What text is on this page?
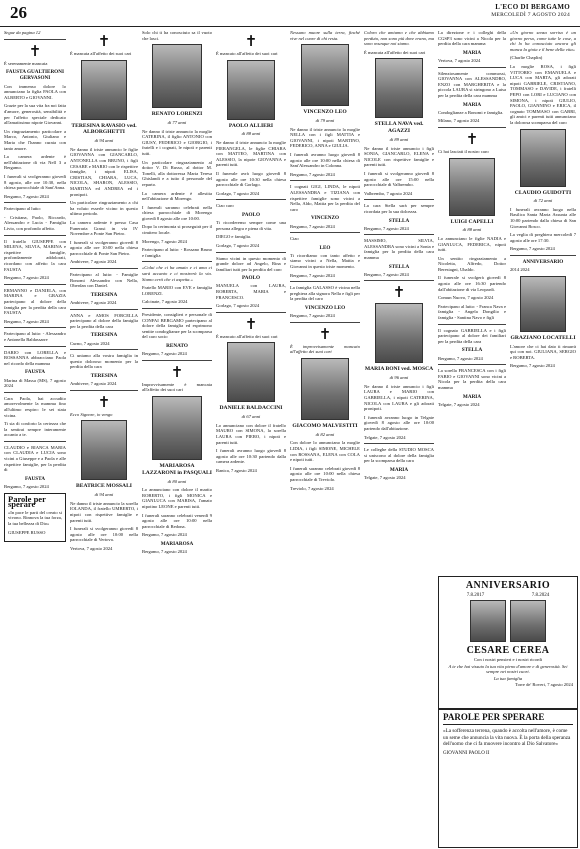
26	L'ECO DI BERGAMO
MERCOLEDÌ 7 AGOSTO 2024

Segue da pagina 12

✝

È serenamente mancata

FAUSTA GUALTIERONI GERVASONI

Con immenso dolore lo annunciano la figlia PAOLA con ALBERTO e GIOVANNI.

Grazie per la sua vita fra noi fatta d'amore, generosità, sensibilità e per l'affetto speciale dedicato all'amatissimo nipote Giovanni.

Un ringraziamento particolare a Marco, Antonio, Giuliano e Maria che l'hanno curata con tanto amore.

La camera ardente è nell'abitazione di via Nell 3 a Bergamo.

I funerali si svolgeranno giovedì 8 agosto, alle ore 10:30, nella chiesa parrocchiale di Sant'Anna.

Bergamo, 7 agosto 2024

Partecipano al lutto:

- Cristiana, Paolo, Riccardo, Alessandro e Lucia - Famiglia Livio, con profondo affetto.

Il fratello GIUSEPPE con MILENA, SILVIA, MARINA e rispettive famiglie, profondamente addolorati, ricordano con affetto la cara FAUSTA

Bergamo, 7 agosto 2024

ERMANNO e DANIELA, con MARINA e GRAZIA partecipano al dolore della famiglia per la perdita della cara FAUSTA

Bergamo, 7 agosto 2024

Partecipano al lutto: - Alessandro e Antonella Baldassarre

DARIO con LORELLA e ROSSANNA abbracciano Paola nel ricordo della mamma

FAUSTA

Marina di Massa (MS), 7 agosto 2024

Cara Paola, hai accudito amorevolmente la mamma fino all'ultimo respiro: le sei stata vicina.

Ti sia di conforto la certezza che la sentirai sempre interamente accanto a te.

CLAUDIO e BIANCA MARIA con CLAUDIA e LUCIA sono vicini a Giuseppe e a Paola e alle rispettive famiglie, per la perdita di

FAUSTA

Bergamo, 7 agosto 2024

Parole per sperare

«In pace le parti del creato si vivono. Rinnova la tua forza, la tua bellezza di Dio»

GIUSEPPE RUSSO

✝

È mancata all'affetto dei suoi cari

TERESINA RAVASIO ved. ALBORGHETTI
di 94 anni

Ne danno il triste annuncio le figlie GIOVANNA con GIANCARLO, ANTONELLA con BRUNO, i figli CESARE e MARIO con le rispettive famiglie, i nipoti ELISA, CRISTIAN, CHIARA, LUCA, NICOLA, SHARON, ALESSIO, MARTINA ed ANDREA ed i pronipoti.

Un particolare ringraziamento a chi ha voluto esserle vicino in questo ultimo periodo.

La camera ardente è presso Casa Funeraria Grassi in via IV Novembre a Ponte San Pietro.

I funerali si svolgeranno giovedì 8 agosto alle ore 10:00 nella chiesa parrocchiale di Ponte San Pietro.

Ambivere, 7 agosto 2024

Partecipano al lutto: - Famiglie Bonomi Alessandro con Nella, Oberdan con Daniel.

TERESINA

Ambivere, 7 agosto 2024

ANNA e AMOS FORCELLA partecipano al dolore della famiglia per la perdita della cara

TERESINA

Curno, 7 agosto 2024

Ci uniamo alla vostra famiglia in questo doloroso momento per la perdita della cara

TERESINA

Ambivere, 7 agosto 2024

✝

Ecco Signore, io vengo

BEATRICE MOSSALI
di 94 anni

Ne danno il triste annuncio la sorella IOLANDA, il fratello UMBERTO, i nipoti con rispettive famiglie e parenti tutti.

I funerali si svolgeranno giovedì 8 agosto alle ore 10:00 nella parrocchiale di Vertova.

Vertova, 7 agosto 2024

Solo chi ti ha conosciuto sa il vuoto che lasci.

RENATO LORENZI
di 77 anni

Ne danno il triste annuncio la moglie CATERINA, il figlio ANTONIO con GIUSY, FEDERICO e GIORGIO, i fratelli e i cognati, le nipoti e parenti tutti.

Un particolare ringraziamento al dottor V. Di Russo, al dottor M. Tonelli, alla dottoressa Maria Teresa Ghislandi e a tutto il personale del reparto.

La camera ardente è allestita nell'abitazione di Morengo.

I funerali saranno celebrati nella chiesa parrocchiale di Morengo giovedì 8 agosto alle ore 10:00.

Dopo la cerimonia si proseguirà per il cimitero locale.

Morengo, 7 agosto 2024

Partecipano al lutto: - Rossano Bruno e famiglia

«Colui che ci ha amato e ci ama ci sarà accanto e ci mostrerà la via. Siamo certi che ci aspetta.»

Fratello MARIO con EVE e famiglia LORENZI.

Calcinate, 7 agosto 2024

Presidente, consiglieri e personale di CONFAI BERGAMO partecipano al dolore della famiglia ed esprimono sentite condoglianze per la scomparsa del caro socio

RENATO

Bergamo, 7 agosto 2024

✝

Improvvisamente è mancata all'affetto dei suoi cari

MARIAROSA LAZZARONI in PASQUALI
di 80 anni

Lo annunciano con dolore il marito ROBERTO, i figli MONICA e GIANLUCA con MARISA, l'amato nipotino LEONE e parenti tutti.

I funerali saranno celebrati venerdì 9 agosto alle ore 10:00 nella parrocchiale di Redona.

Bergamo, 7 agosto 2024

MARIAROSA

Bergamo, 7 agosto 2024

✝

È mancato all'affetto dei suoi cari

PAOLO ALLIERI
di 88 anni

Ne danno il triste annuncio la moglie PIERANGELA, le figlie CHIARA con MATTEO, MARTINA con ALESSIO, la nipote GIOVANNA e parenti tutti.

Il funerale avrà luogo giovedì 8 agosto alle ore 10:30 nella chiesa parrocchiale di Gorlago.

Gorlago, 7 agosto 2024

Ciao caro

PAOLO

Ti ricorderemo sempre come una persona allegra e piena di vita.

DIEGO e famiglia.

Gorlago, 7 agosto 2024

Siamo vicini in questo momento di grande dolore ad Angelo, Rina e familiari tutti per la perdita del caro

PAOLO

MANUELA con LAURA, ROBERTA, MARIA e FRANCESCO.

Gorlago, 7 agosto 2024

✝

È mancato all'affetto dei suoi cari

DANIELE BALDACCINI
di 67 anni

Lo annunciano con dolore il fratello MAURO con SIMONA, la sorella LAURA con PIERO, i nipoti e parenti tutti.

I funerali avranno luogo giovedì 8 agosto alle ore 10:30 partendo dalla camera ardente.

Ranica, 7 agosto 2024

Nessuno muore sulla terra, finché vive nel cuore di chi resta.

VINCENZO LEO
di 79 anni

Ne danno il triste annuncio la moglie NELLA con i figli MATTIA e GIOVANNI, i nipoti MARTINO, FEDERICO, ANNA e GIULIA.

I funerali avranno luogo giovedì 8 agosto alle ore 10:00 nella chiesa di Sant'Alessandro in Colonna.

Bergamo, 7 agosto 2024

I cognati GIGI, LINDA, le nipoti ALESSANDRA e TIZIANA con rispettive famiglie sono vicini a Nella, Aldo, Mattia per la perdita del caro

VINCENZO

Bergamo, 7 agosto 2024

Ciao

LEO

Ti ricordiamo con tanto affetto e siamo vicini a Nella, Mattia e Giovanni in questo triste momento.

Bergamo, 7 agosto 2024

La famiglia GALASSO è vicina nella preghiera alla signora Nella e figli per la perdita del caro

VINCENZO LEO

Bergamo, 7 agosto 2024

✝

È improvvisamente mancato all'affetto dei suoi cari

GIACOMO MALVESTITI
di 82 anni

Con dolore lo annunciano la moglie LIDIA, i figli SIMONE, MICHELE con ROSSANA, ELENA con COLA e nipoti tutti.

I funerali saranno celebrati giovedì 8 agosto alle ore 10:00 nella chiesa parrocchiale di Treviolo.

Treviolo, 7 agosto 2024

Coloro che amiamo e che abbiamo perduto, non sono più dove erano, ma sono ovunque noi siamo.

È mancata all'affetto dei suoi cari

STELLA NAVA ved. AGAZZI
di 89 anni

Ne danno il triste annuncio i figli SONIA, GIANCARLO, ELENA e NICOLE con rispettive famiglie e parenti tutti.

I funerali si svolgeranno giovedì 8 agosto alle ore 15:00 nella parrocchiale di Valbrembo.

Valbrembo, 7 agosto 2024

La cara Stella sarà per sempre ricordata per la sua dolcezza.

STELLA

Bergamo, 7 agosto 2024

MASSIMO, SILVIA, ALESSANDRA sono vicini a Sonia e famiglia per la perdita della cara mamma

STELLA

Bergamo, 7 agosto 2024

✝
MARIA BONI ved. MOSCA
di 96 anni

Ne danno il triste annuncio i figli LAURA e MARIO con GABRIELLA, i nipoti CATERINA, NICOLA con LAURA e gli adorati pronipoti.

I funerali avranno luogo in Telgate giovedì 8 agosto alle ore 10:00 partendo dall'abitazione.

Telgate, 7 agosto 2024

Le colleghe della STUDIO MOSCA si uniscono al dolore della famiglia per la scomparsa della cara

MARIA

Telgate, 7 agosto 2024

La direzione e i colleghi della CGSP3 sono vicini a Nicola per la perdita della cara mamma

MARIA

Vertova, 7 agosto 2024

Silenziosamente commossi, GIOVANNA con ALESSANDRO, ENZO con MARGHERITA e la piccola LAURA si stringono a Luisa per la perdita della cara mamma

MARIA

Condoglianze a Bonomi e famiglia.

Milano, 7 agosto 2024

✝

Ci hai lasciati il nostro caro

LUIGI CAPELLI
di 88 anni

Lo annunciano le figlie NADIA e GIANLUCA, FEDERICA, nipoti tutti.

Un sentito ringraziamento a Nicoletta, Alfredo, Dottor Berestagni, Ubaldo.

Il funerale si svolgerà giovedì 8 agosto alle ore 16:30 partendo dall'abitazione di via Leopardi.

Comun Nuovo, 7 agosto 2024

Partecipano al lutto: - Franca Nava e famiglia - Angela Dongilio e famiglia - Santina Navo e figli

Il cognato GABRIELLA e i figli partecipano al dolore dei familiari per la perdita della cara

STELLA

Bergamo, 7 agosto 2024

La sorella FRANCESCA con i figli FABIO e GIOVANNI sono vicini a Nicola per la perdita della cara mamma

MARIA

Telgate, 7 agosto 2024

«Un giorno senza sorriso è un giorno perso, come tutte le cose, a chi lo ha conosciuto ancora gli manca la gioia e il bene della vita»

(Charlie Chaplin)

La moglie ROSA, i figli VITTORIO con EMANUELA e LUCA con MARTA, gli adorati nipoti GABRIELE, CRISTIANO, TOMMASO e DAVIDE, i fratelli PEPO con LORI e LUCIANO con SIMONA, i nipoti GIULIO, PAOLO, GIANNINO e ERICA, il cognato TOMMASO con GABRI, gli amici e parenti tutti annunciano la dolorosa scomparsa del caro

CLAUDIO GUIDOTTI
di 72 anni

I funerali avranno luogo nella Basilica Santa Maria Assunta alle 10:00 partendo dalla chiesa di San Giovanni Bosco.

La veglia di preghiera mercoledì 7 agosto alle ore 17:30.

Bergamo, 7 agosto 2024

ANNIVERSARIO

2014 2024

GRAZIANO LOCATELLI

L'amore che ci hai dato ti rimarrà qui con noi. GIULIANA, SERGIO e ROBERTA.

Bergamo, 7 agosto 2024

ANNIVERSARIO
7.8.2017	7.8.2024
CESARE CEREA

Con i nostri pensieri e i nostri ricordi

A te che hai vissuto la tua vita pieno d'amore e di generosità. Sei sempre nei nostri cuori.

La tua famiglia

Torre de' Roveri, 7 agosto 2024

PAROLE PER SPERARE

«La sofferenza terrena, quando è accolta nell'amore, è come un seme che annuncia la vita nuova. È la porta della speranza dell'uomo che ci fa muovere incontro al Dio Salvatore»

GIOVANNI PAOLO II
